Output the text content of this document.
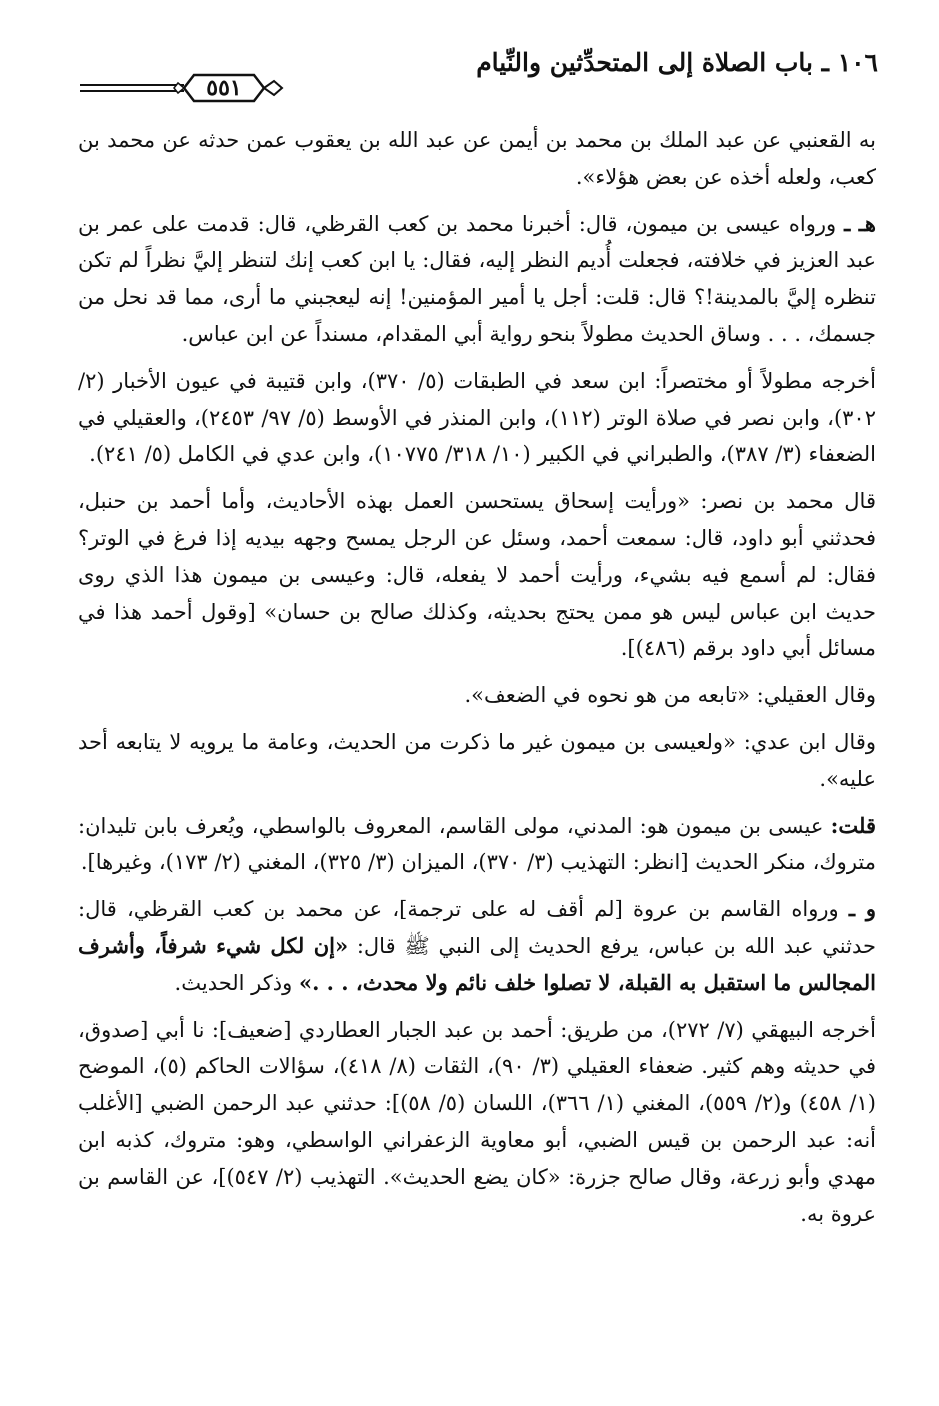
١٠٦ ـ باب الصلاة إلى المتحدِّثين والنِّيام
٥٥١

به القعنبي عن عبد الملك بن محمد بن أيمن عن عبد الله بن يعقوب عمن حدثه عن محمد بن كعب، ولعله أخذه عن بعض هؤلاء».

هـ ـ ورواه عيسى بن ميمون، قال: أخبرنا محمد بن كعب القرظي، قال: قدمت على عمر بن عبد العزيز في خلافته، فجعلت أُديم النظر إليه، فقال: يا ابن كعب إنك لتنظر إليَّ نظراً لم تكن تنظره إليَّ بالمدينة!؟ قال: قلت: أجل يا أمير المؤمنين! إنه ليعجبني ما أرى، مما قد نحل من جسمك، . . . وساق الحديث مطولاً بنحو رواية أبي المقدام، مسنداً عن ابن عباس.

أخرجه مطولاً أو مختصراً: ابن سعد في الطبقات (٥/ ٣٧٠)، وابن قتيبة في عيون الأخبار (٢/ ٣٠٢)، وابن نصر في صلاة الوتر (١١٢)، وابن المنذر في الأوسط (٥/ ٩٧/ ٢٤٥٣)، والعقيلي في الضعفاء (٣/ ٣٨٧)، والطبراني في الكبير (١٠/ ٣١٨/ ١٠٧٧٥)، وابن عدي في الكامل (٥/ ٢٤١).

قال محمد بن نصر: «ورأيت إسحاق يستحسن العمل بهذه الأحاديث، وأما أحمد بن حنبل، فحدثني أبو داود، قال: سمعت أحمد، وسئل عن الرجل يمسح وجهه بيديه إذا فرغ في الوتر؟ فقال: لم أسمع فيه بشيء، ورأيت أحمد لا يفعله، قال: وعيسى بن ميمون هذا الذي روى حديث ابن عباس ليس هو ممن يحتج بحديثه، وكذلك صالح بن حسان» [وقول أحمد هذا في مسائل أبي داود برقم (٤٨٦)].

وقال العقيلي: «تابعه من هو نحوه في الضعف».

وقال ابن عدي: «ولعيسى بن ميمون غير ما ذكرت من الحديث، وعامة ما يرويه لا يتابعه أحد عليه».

قلت: عيسى بن ميمون هو: المدني، مولى القاسم، المعروف بالواسطي، ويُعرف بابن تليدان: متروك، منكر الحديث [انظر: التهذيب (٣/ ٣٧٠)، الميزان (٣/ ٣٢٥)، المغني (٢/ ١٧٣)، وغيرها].

و ـ ورواه القاسم بن عروة [لم أقف له على ترجمة]، عن محمد بن كعب القرظي، قال: حدثني عبد الله بن عباس، يرفع الحديث إلى النبي ﷺ قال: «إن لكل شيء شرفاً، وأشرف المجالس ما استقبل به القبلة، لا تصلوا خلف نائم ولا محدث، . . .» وذكر الحديث.

أخرجه البيهقي (٧/ ٢٧٢)، من طريق: أحمد بن عبد الجبار العطاردي [ضعيف]: نا أبي [صدوق، في حديثه وهم كثير. ضعفاء العقيلي (٣/ ٩٠)، الثقات (٨/ ٤١٨)، سؤالات الحاكم (٥)، الموضح (١/ ٤٥٨) و(٢/ ٥٥٩)، المغني (١/ ٣٦٦)، اللسان (٥/ ٥٨)]: حدثني عبد الرحمن الضبي [الأغلب أنه: عبد الرحمن بن قيس الضبي، أبو معاوية الزعفراني الواسطي، وهو: متروك، كذبه ابن مهدي وأبو زرعة، وقال صالح جزرة: «كان يضع الحديث». التهذيب (٢/ ٥٤٧)]، عن القاسم بن عروة به.
